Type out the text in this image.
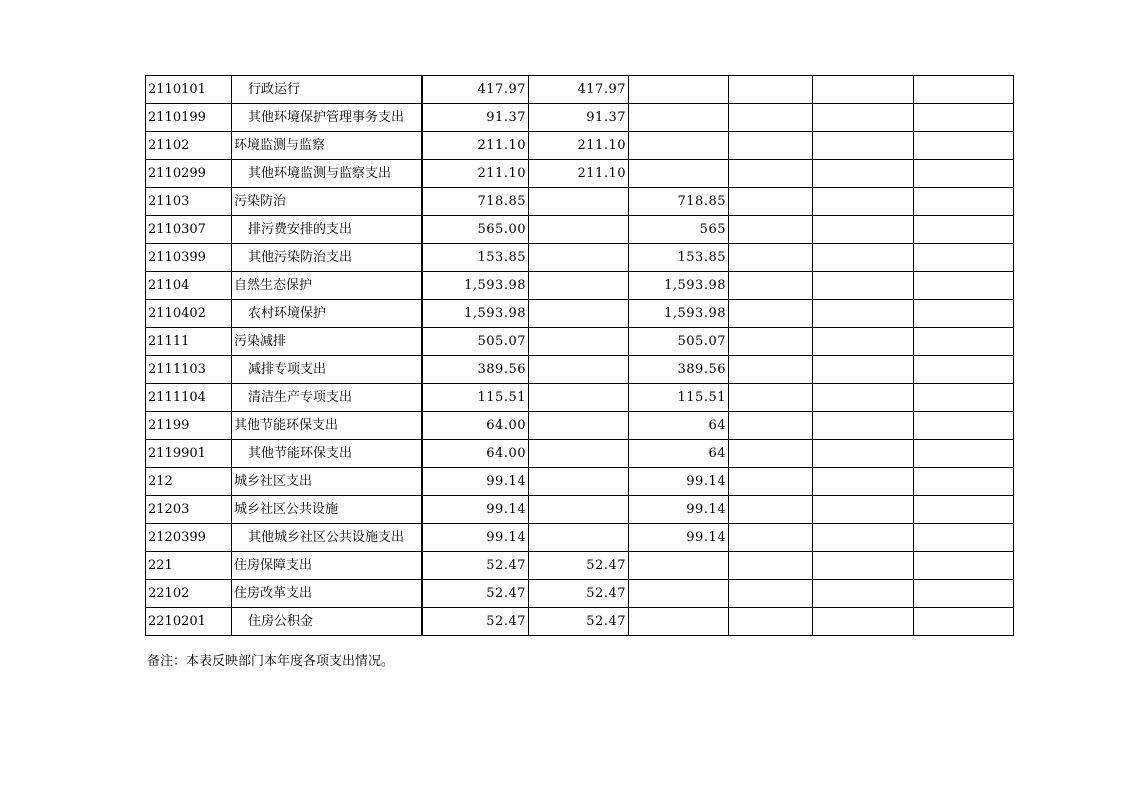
2110101	行政运行	417.97	417.97				
2110199	其他环境保护管理事务支出	91.37	91.37				
21102	环境监测与监察	211.10	211.10				
2110299	其他环境监测与监察支出	211.10	211.10				
21103	污染防治	718.85		718.85			
2110307	排污费安排的支出	565.00		565			
2110399	其他污染防治支出	153.85		153.85			
21104	自然生态保护	1,593.98		1,593.98			
2110402	农村环境保护	1,593.98		1,593.98			
21111	污染减排	505.07		505.07			
2111103	减排专项支出	389.56		389.56			
2111104	清洁生产专项支出	115.51		115.51			
21199	其他节能环保支出	64.00		64			
2119901	其他节能环保支出	64.00		64			
212	城乡社区支出	99.14		99.14			
21203	城乡社区公共设施	99.14		99.14			
2120399	其他城乡社区公共设施支出	99.14		99.14			
221	住房保障支出	52.47	52.47				
22102	住房改革支出	52.47	52.47				
2210201	住房公积金	52.47	52.47				
备注：本表反映部门本年度各项支出情况。
